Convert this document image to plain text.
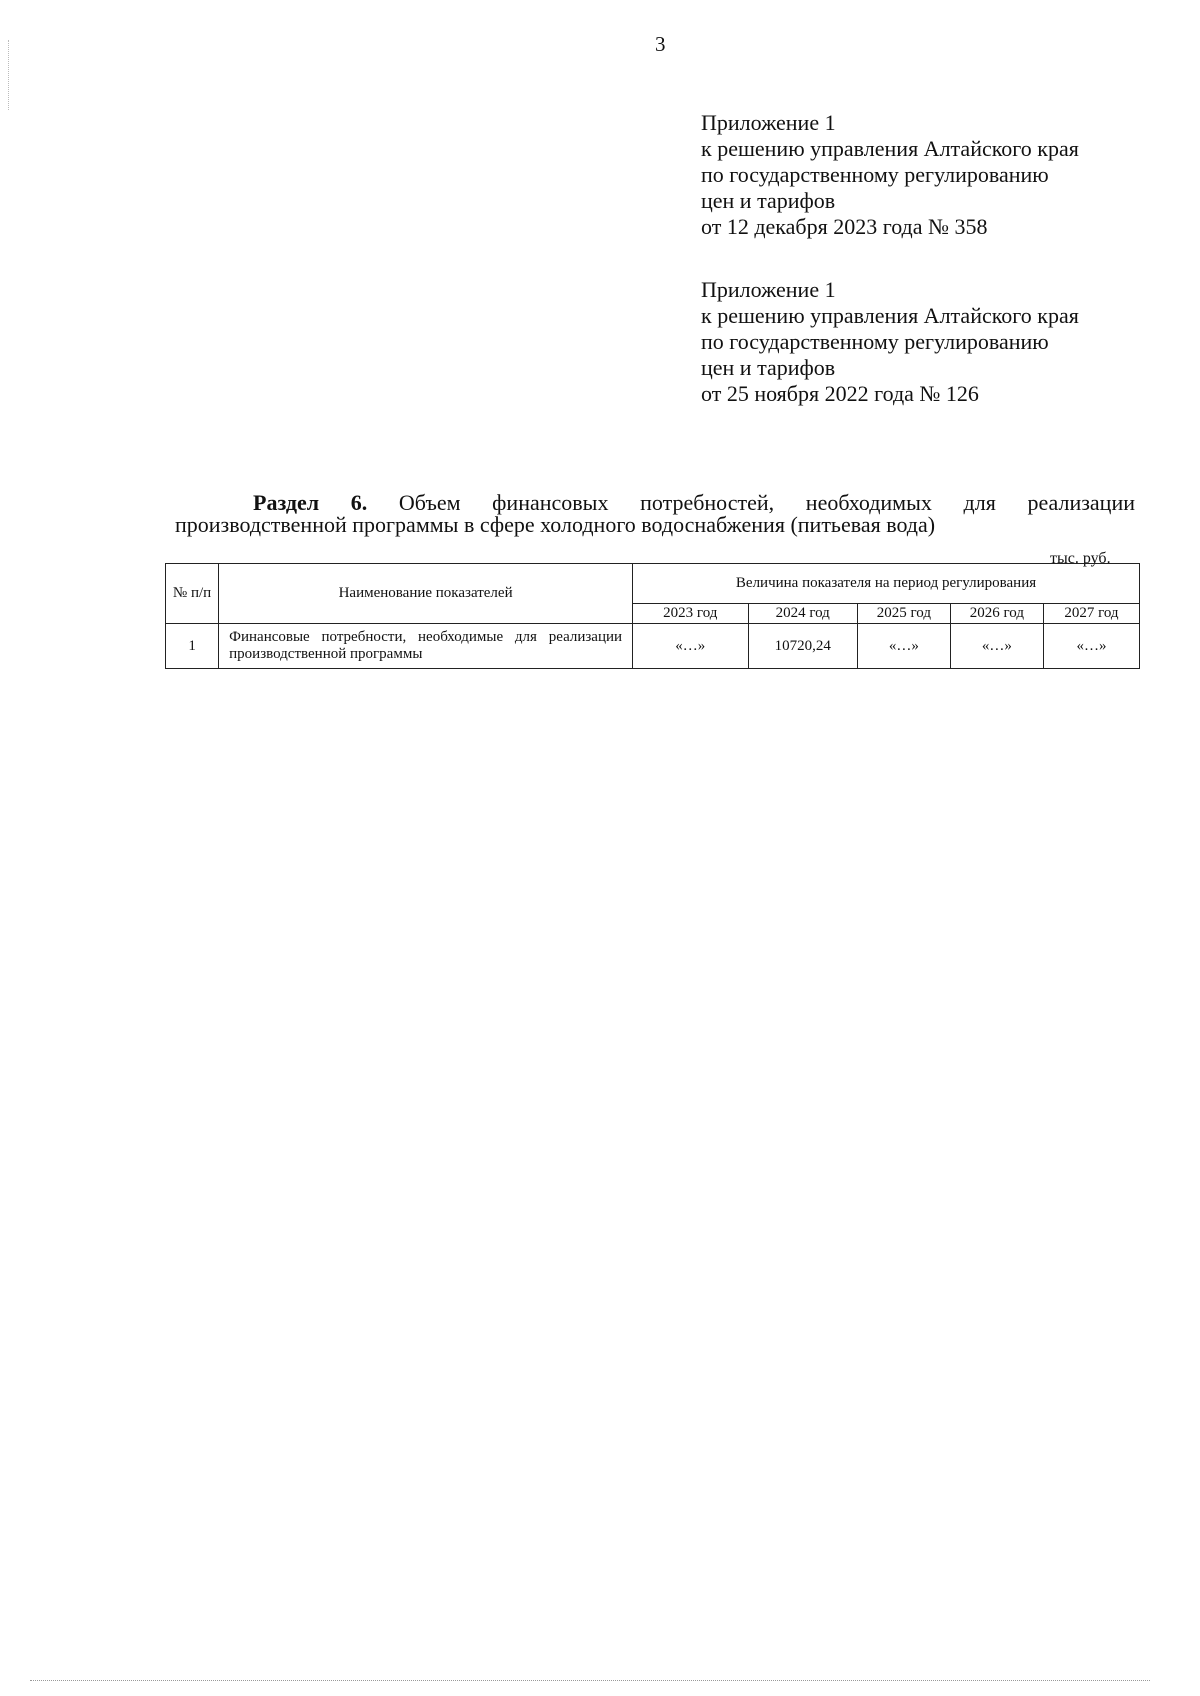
3
Приложение 1
к решению управления Алтайского края
по государственному регулированию
цен и тарифов
от 12 декабря 2023 года № 358
Приложение 1
к решению управления Алтайского края
по государственному регулированию
цен и тарифов
от 25 ноября 2022 года № 126
Раздел 6. Объем финансовых потребностей, необходимых для реализации
производственной программы в сфере холодного водоснабжения (питьевая вода)
тыс. руб.
№ п/п	Наименование показателей	Величина показателя на период регулирования				
		2023 год	2024 год	2025 год	2026 год	2027 год
1	Финансовые потребности, необходимые для реализации производственной программы	«…»	10720,24	«…»	«…»	«…»
